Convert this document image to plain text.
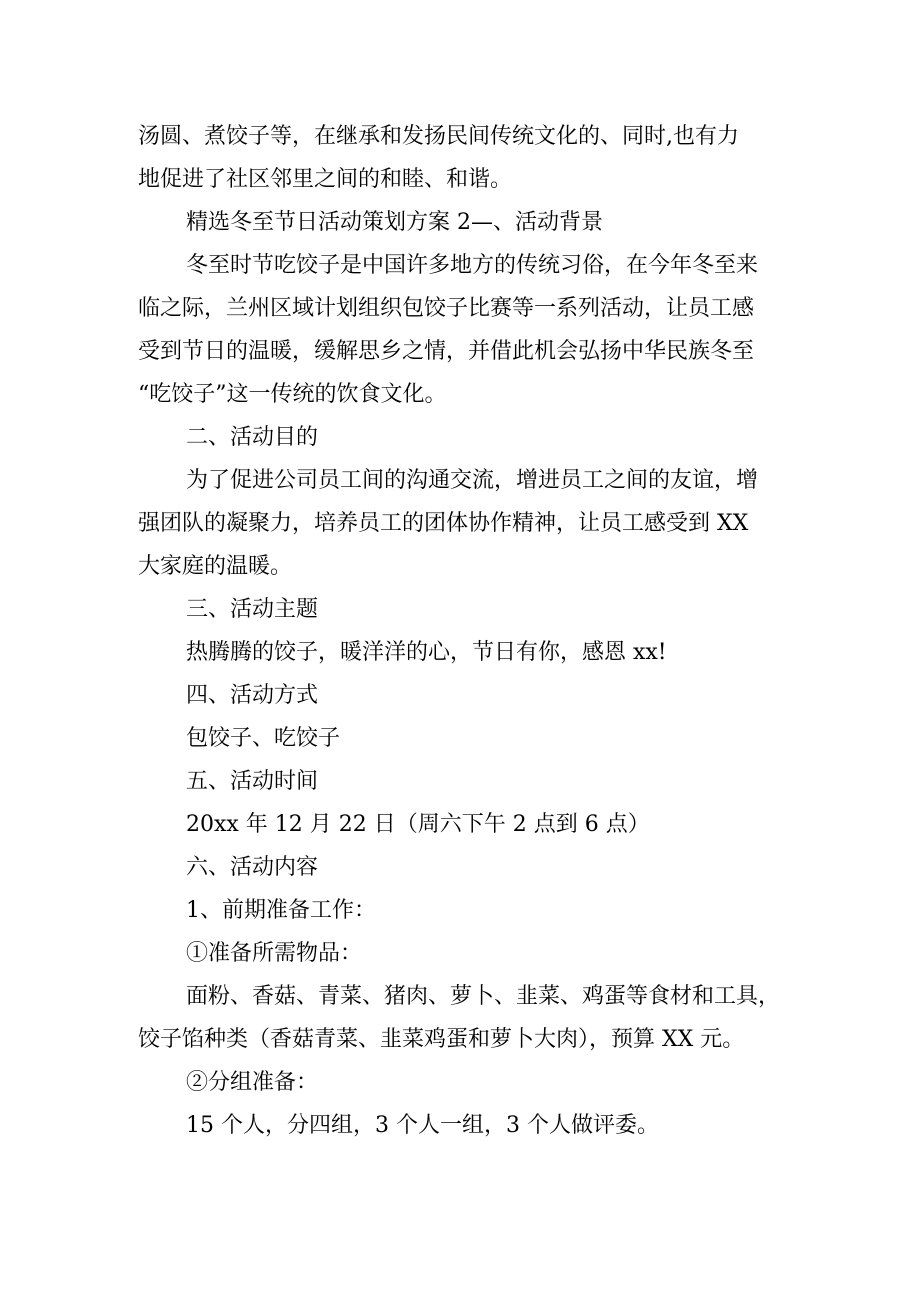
汤圆、煮饺子等，在继承和发扬民间传统文化的、同时,也有力
地促进了社区邻里之间的和睦、和谐。
精选冬至节日活动策划方案 2—、活动背景
冬至时节吃饺子是中国许多地方的传统习俗，在今年冬至来
临之际，兰州区域计划组织包饺子比赛等一系列活动，让员工感
受到节日的温暖，缓解思乡之情，并借此机会弘扬中华民族冬至
“吃饺子”这一传统的饮食文化。
二、活动目的
为了促进公司员工间的沟通交流，增进员工之间的友谊，增
强团队的凝聚力，培养员工的团体协作精神，让员工感受到 XX
大家庭的温暖。
三、活动主题
热腾腾的饺子，暖洋洋的心，节日有你，感恩 xx!
四、活动方式
包饺子、吃饺子
五、活动时间
20xx 年 12 月 22 日（周六下午 2 点到 6 点）
六、活动内容
1、前期准备工作：
①准备所需物品：
面粉、香菇、青菜、猪肉、萝卜、韭菜、鸡蛋等食材和工具，
饺子馅种类（香菇青菜、韭菜鸡蛋和萝卜大肉），预算 XX 元。
②分组准备：
15 个人，分四组，3 个人一组，3 个人做评委。
